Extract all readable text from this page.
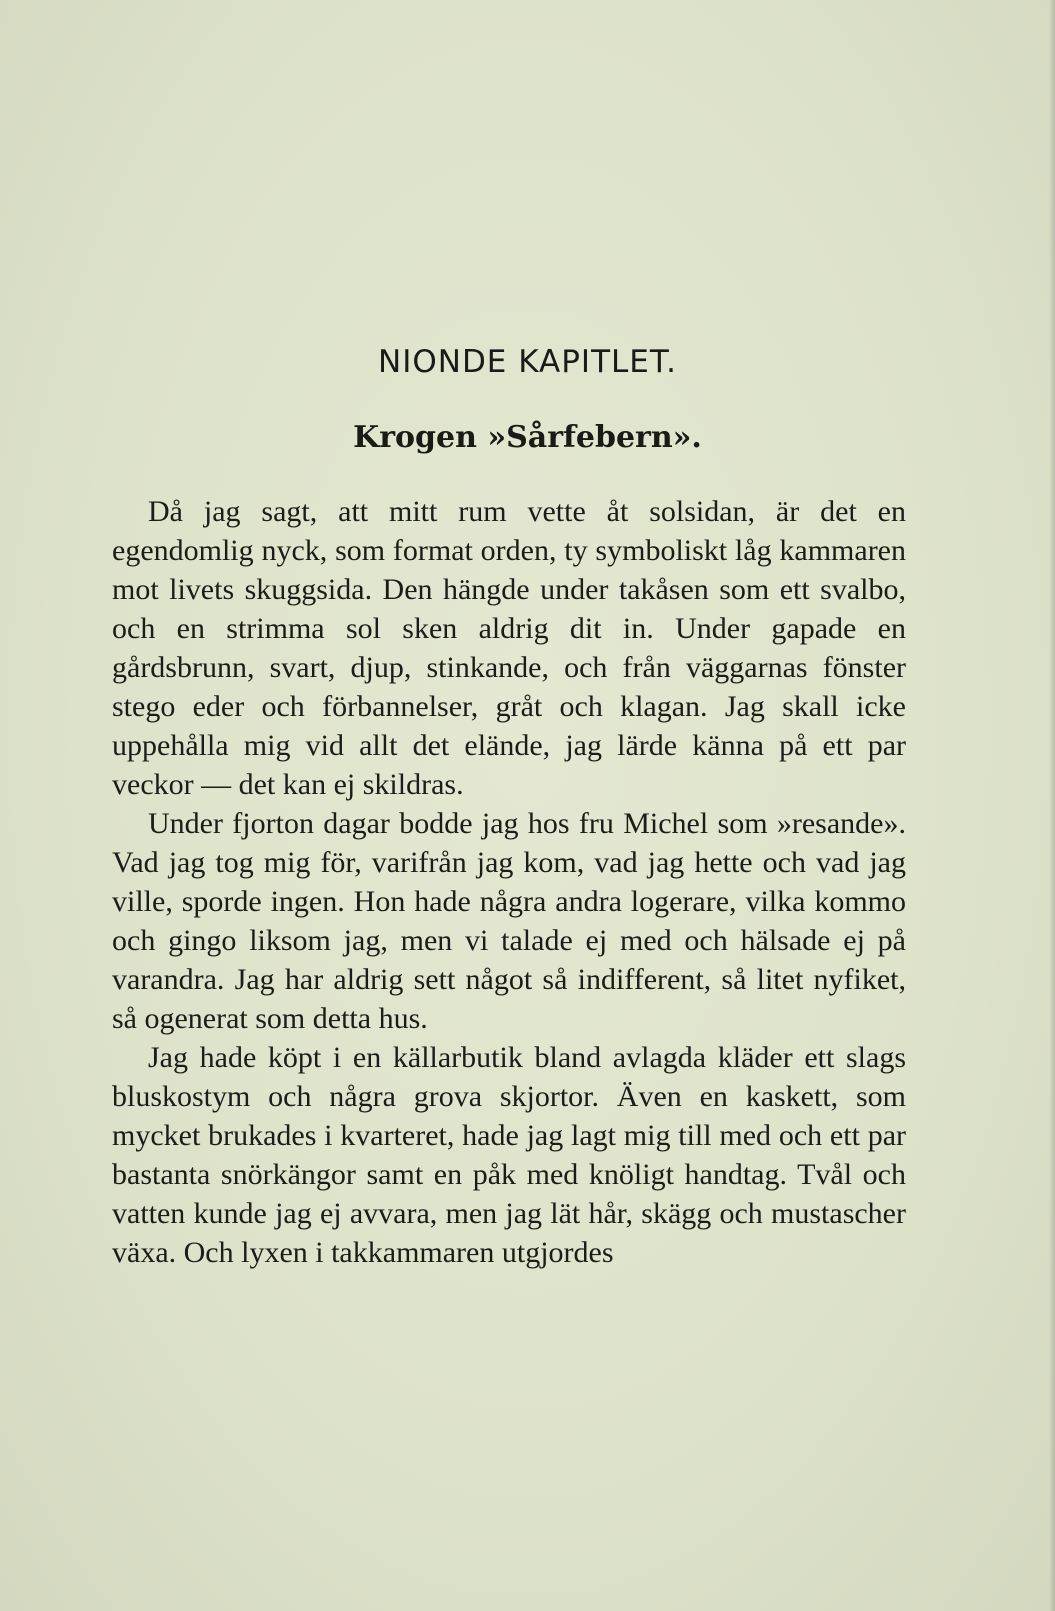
NIONDE KAPITLET.
Krogen »Sårfebern».

Då jag sagt, att mitt rum vette åt solsidan, är det en egendomlig nyck, som format orden, ty symboliskt låg kammaren mot livets skuggsida. Den hängde under takåsen som ett svalbo, och en strimma sol sken aldrig dit in. Under gapade en gårdsbrunn, svart, djup, stinkande, och från väggarnas fönster stego eder och förbannelser, gråt och klagan. Jag skall icke uppehålla mig vid allt det elände, jag lärde känna på ett par veckor — det kan ej skildras.

Under fjorton dagar bodde jag hos fru Michel som »resande». Vad jag tog mig för, varifrån jag kom, vad jag hette och vad jag ville, sporde ingen. Hon hade några andra logerare, vilka kommo och gingo liksom jag, men vi talade ej med och hälsade ej på varandra. Jag har aldrig sett något så indifferent, så litet nyfiket, så ogenerat som detta hus.

Jag hade köpt i en källarbutik bland avlagda kläder ett slags bluskostym och några grova skjortor. Även en kaskett, som mycket brukades i kvarteret, hade jag lagt mig till med och ett par bastanta snörkängor samt en påk med knöligt handtag. Tvål och vatten kunde jag ej avvara, men jag lät hår, skägg och mustascher växa. Och lyxen i takkammaren utgjordes
